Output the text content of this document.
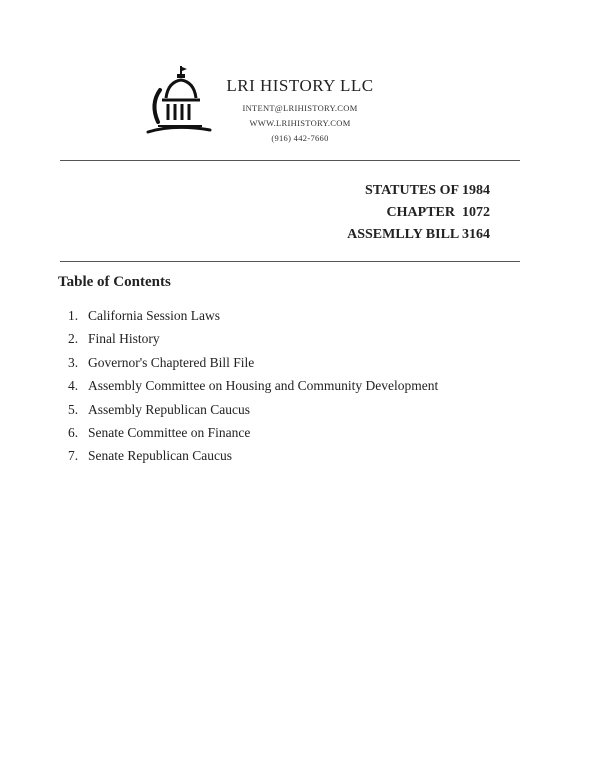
LRI HISTORY LLC
INTENT@LRIHISTORY.COM
WWW.LRIHISTORY.COM
(916) 442-7660
STATUTES OF 1984
CHAPTER  1072
ASSEMLLY BILL 3164
Table of Contents
1. California Session Laws
2. Final History
3. Governor's Chaptered Bill File
4. Assembly Committee on Housing and Community Development
5. Assembly Republican Caucus
6. Senate Committee on Finance
7. Senate Republican Caucus
